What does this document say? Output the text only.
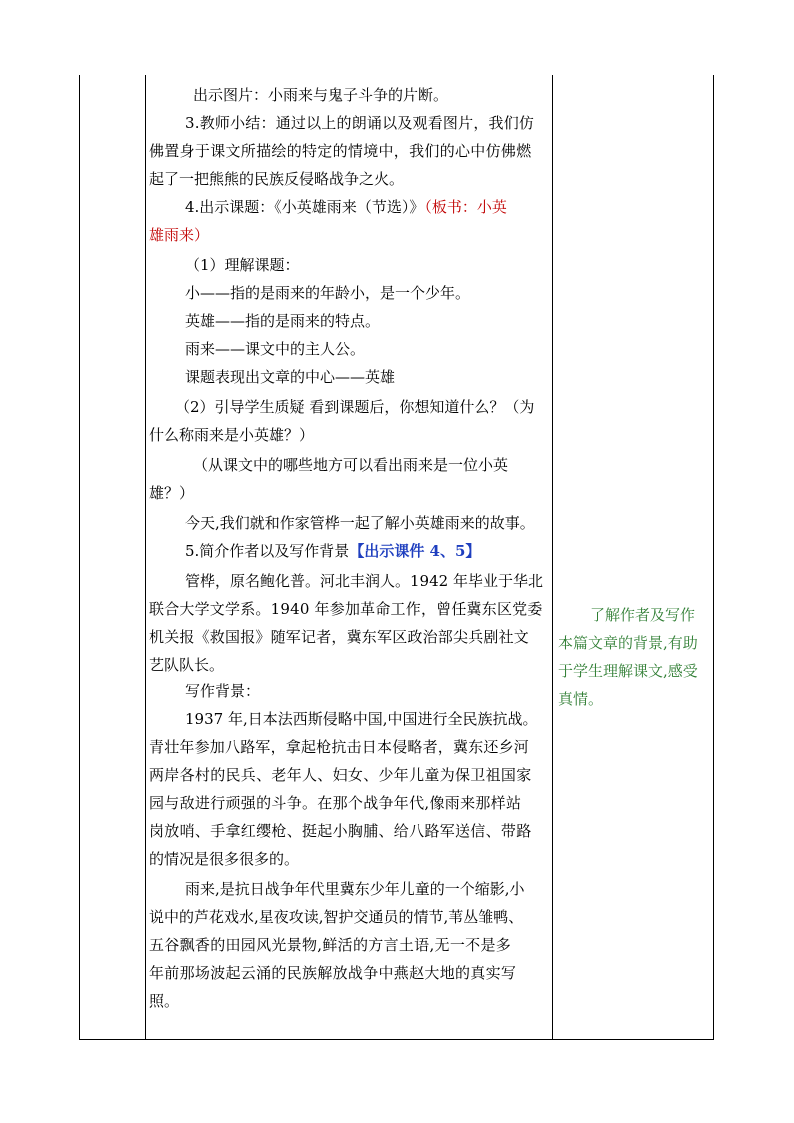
出示图片：小雨来与鬼子斗争的片断。
3.教师小结：通过以上的朗诵以及观看图片，我们仿
佛置身于课文所描绘的特定的情境中，我们的心中仿佛燃
起了一把熊熊的民族反侵略战争之火。
4.出示课题：《小英雄雨来（节选）》（板书：小英
雄雨来）
（1）理解课题：
小——指的是雨来的年龄小，是一个少年。
英雄——指的是雨来的特点。
雨来——课文中的主人公。
课题表现出文章的中心——英雄
（2）引导学生质疑 看到课题后，你想知道什么？（为
什么称雨来是小英雄？）
（从课文中的哪些地方可以看出雨来是一位小英
雄？）
今天,我们就和作家管桦一起了解小英雄雨来的故事。
5.简介作者以及写作背景【出示课件 4、5】
管桦，原名鲍化普。河北丰润人。1942 年毕业于华北
联合大学文学系。1940 年参加革命工作，曾任冀东区党委
机关报《救国报》随军记者，冀东军区政治部尖兵剧社文
艺队队长。
写作背景：
1937 年,日本法西斯侵略中国,中国进行全民族抗战。
青壮年参加八路军，拿起枪抗击日本侵略者，冀东还乡河
两岸各村的民兵、老年人、妇女、少年儿童为保卫祖国家
园与敌进行顽强的斗争。在那个战争年代,像雨来那样站
岗放哨、手拿红缨枪、挺起小胸脯、给八路军送信、带路
的情况是很多很多的。
雨来,是抗日战争年代里冀东少年儿童的一个缩影,小
说中的芦花戏水,星夜攻读,智护交通员的情节,苇丛雏鸭、
五谷飘香的田园风光景物,鲜活的方言土语,无一不是多
年前那场波起云涌的民族解放战争中燕赵大地的真实写
照。
了解作者及写作
本篇文章的背景,有助
于学生理解课文,感受
真情。
